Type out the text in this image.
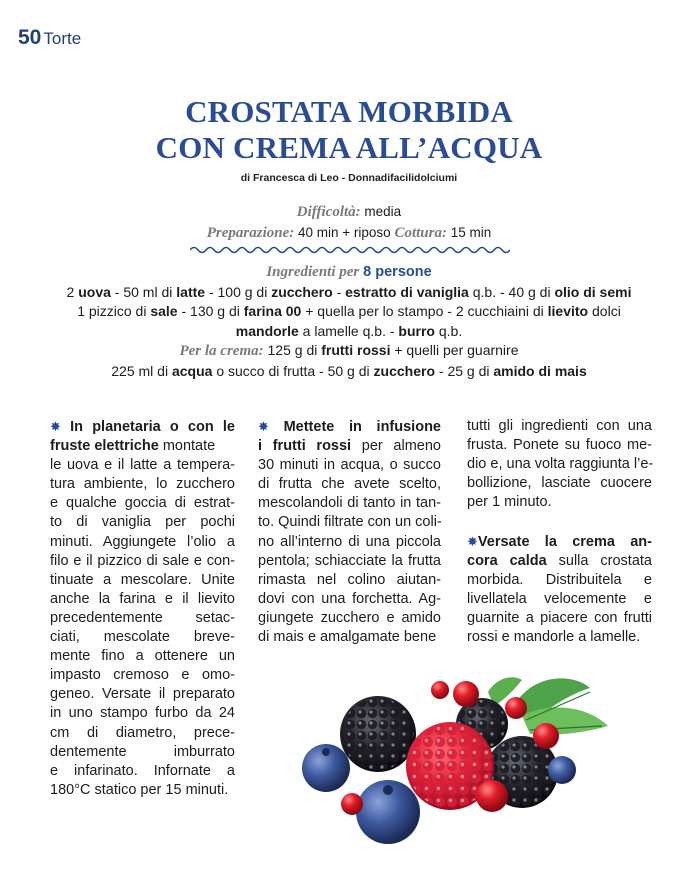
50 Torte
CROSTATA MORBIDA
CON CREMA ALL’ACQUA
di Francesca di Leo - Donnadifacilidolciumi
Difficoltà: media
Preparazione: 40 min + riposo Cottura: 15 min
Ingredienti per 8 persone
2 uova - 50 ml di latte - 100 g di zucchero - estratto di vaniglia q.b. - 40 g di olio di semi
1 pizzico di sale - 130 g di farina 00 + quella per lo stampo - 2 cucchiaini di lievito dolci
mandorle a lamelle q.b. - burro q.b.
Per la crema: 125 g di frutti rossi + quelli per guarnire
225 ml di acqua o succo di frutta - 50 g di zucchero - 25 g di amido di mais
✸ In planetaria o con le
fruste elettriche montate
le uova e il latte a tempera-
tura ambiente, lo zucchero
e qualche goccia di estrat-
to di vaniglia per pochi
minuti. Aggiungete l’olio a
filo e il pizzico di sale e con-
tinuate a mescolare. Unite
anche la farina e il lievito
precedentemente setac-
ciati, mescolate breve-
mente fino a ottenere un
impasto cremoso e omo-
geneo. Versate il preparato
in uno stampo furbo da 24
cm di diametro, prece-
dentemente imburrato
e infarinato. Infornate a
180°C statico per 15 minuti.
✸ Mettete in infusione
i frutti rossi per almeno
30 minuti in acqua, o succo
di frutta che avete scelto,
mescolandoli di tanto in tan-
to. Quindi filtrate con un coli-
no all’interno di una piccola
pentola; schiacciate la frutta
rimasta nel colino aiutan-
dovi con una forchetta. Ag-
giungete zucchero e amido
di mais e amalgamate bene
tutti gli ingredienti con una
frusta. Ponete su fuoco me-
dio e, una volta raggiunta l’e-
bollizione, lasciate cuocere
per 1 minuto.

✸Versate la crema an-
cora calda sulla crostata
morbida. Distribuitela e
livellatela velocemente e
guarnite a piacere con frutti
rossi e mandorle a lamelle.
